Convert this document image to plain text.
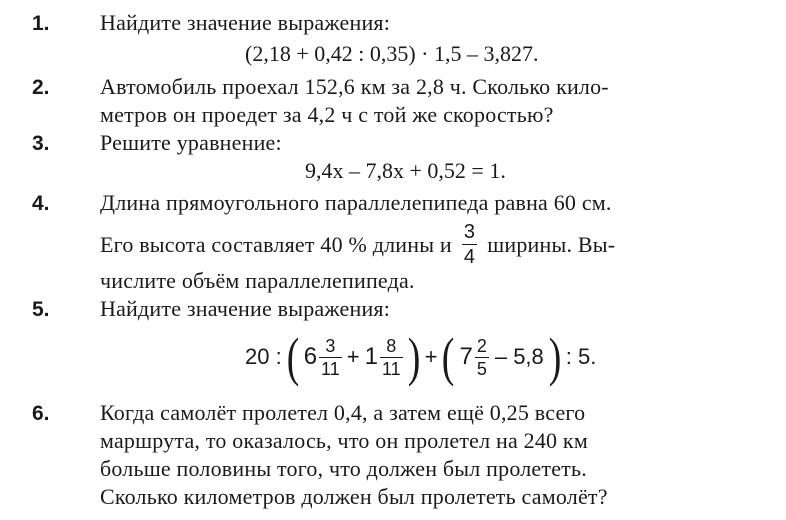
1. Найдите значение выражения:
(2,18 + 0,42 : 0,35) · 1,5 – 3,827.
2. Автомобиль проехал 152,6 км за 2,8 ч. Сколько кило-
метров он проедет за 4,2 ч с той же скоростью?
3. Решите уравнение:
9,4x – 7,8x + 0,52 = 1.
4. Длина прямоугольного параллелепипеда равна 60 см.
Его высота составляет 40 % длины и $\frac{3}{4}$ ширины. Вы-
числите объём параллелепипеда.
5. Найдите значение выражения:
20 : ( $6 \frac{3}{11} + 1 \frac{8}{11}$ ) + ( $7 \frac{2}{5} - 5,8$ ) : 5.
6. Когда самолёт пролетел 0,4, а затем ещё 0,25 всего
маршрута, то оказалось, что он пролетел на 240 км
больше половины того, что должен был пролететь.
Сколько километров должен был пролететь самолёт?
